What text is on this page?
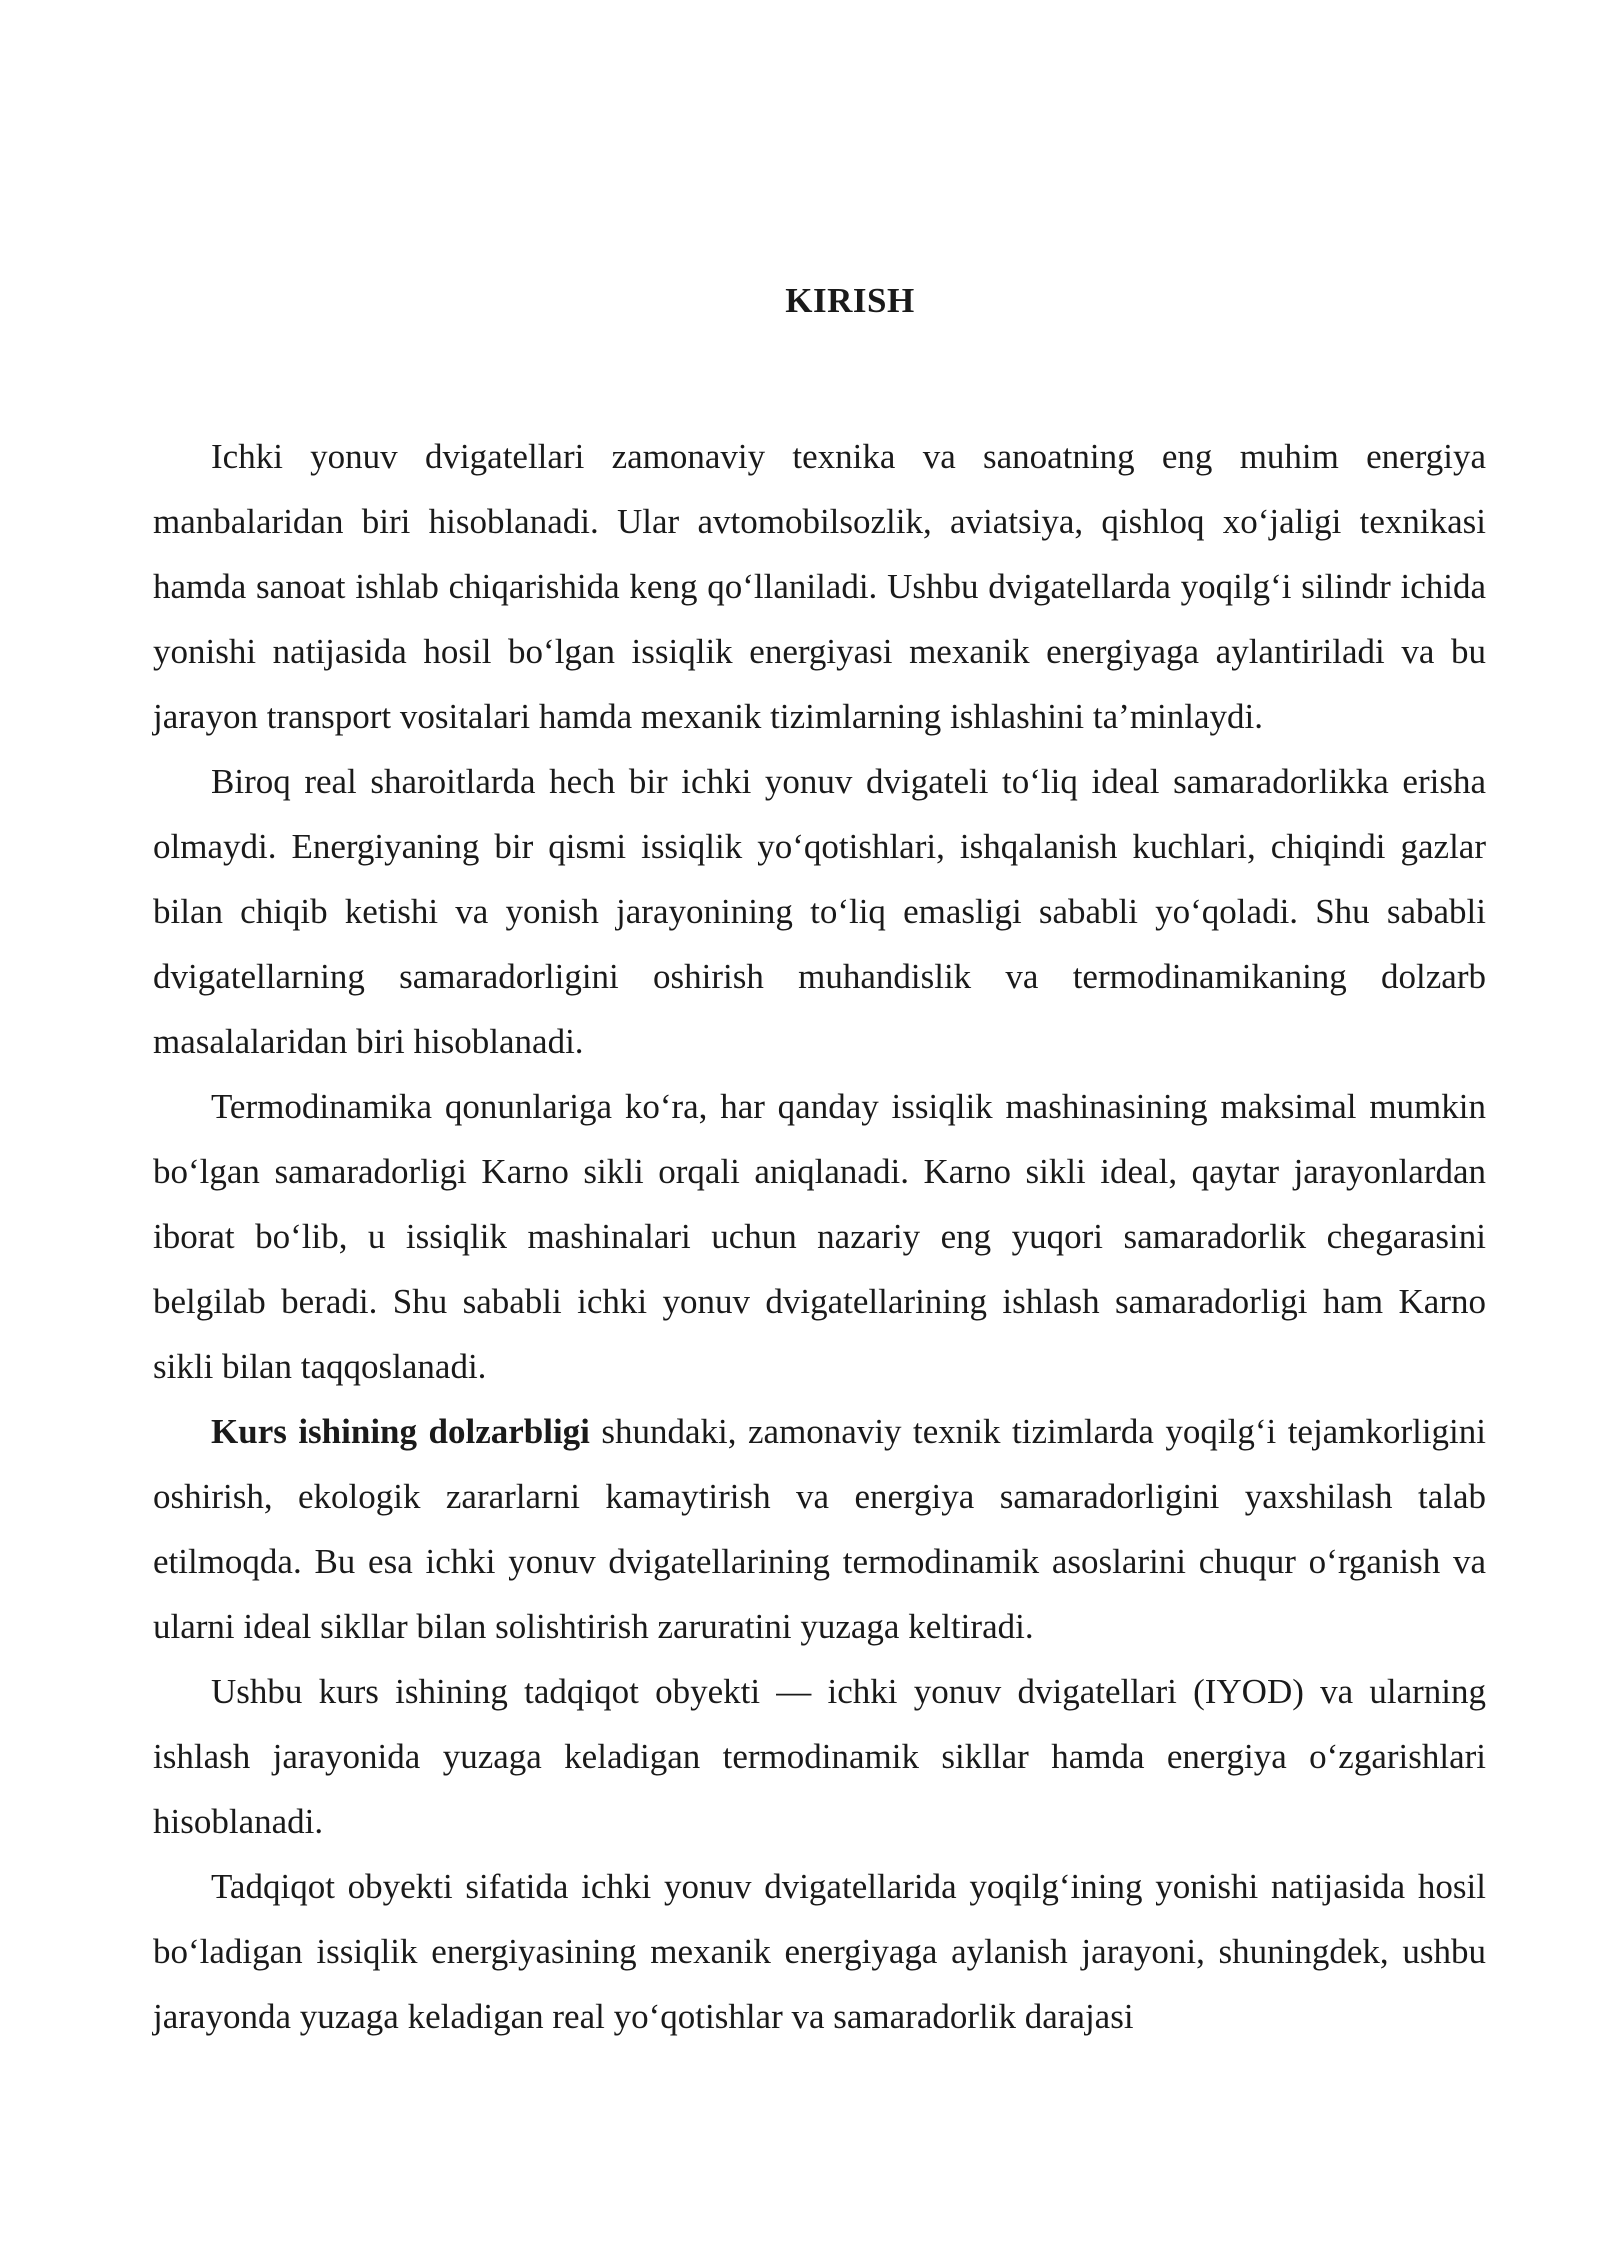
KIRISH

Ichki yonuv dvigatellari zamonaviy texnika va sanoatning eng muhim energiya manbalaridan biri hisoblanadi. Ular avtomobilsozlik, aviatsiya, qishloq xo‘jaligi texnikasi hamda sanoat ishlab chiqarishida keng qo‘llaniladi. Ushbu dvigatellarda yoqilg‘i silindr ichida yonishi natijasida hosil bo‘lgan issiqlik energiyasi mexanik energiyaga aylantiriladi va bu jarayon transport vositalari hamda mexanik tizimlarning ishlashini ta’minlaydi.

Biroq real sharoitlarda hech bir ichki yonuv dvigateli to‘liq ideal samaradorlikka erisha olmaydi. Energiyaning bir qismi issiqlik yo‘qotishlari, ishqalanish kuchlari, chiqindi gazlar bilan chiqib ketishi va yonish jarayonining to‘liq emasligi sababli yo‘qoladi. Shu sababli dvigatellarning samaradorligini oshirish muhandislik va termodinamikaning dolzarb masalalaridan biri hisoblanadi.

Termodinamika qonunlariga ko‘ra, har qanday issiqlik mashinasining maksimal mumkin bo‘lgan samaradorligi Karno sikli orqali aniqlanadi. Karno sikli ideal, qaytar jarayonlardan iborat bo‘lib, u issiqlik mashinalari uchun nazariy eng yuqori samaradorlik chegarasini belgilab beradi. Shu sababli ichki yonuv dvigatellarining ishlash samaradorligi ham Karno sikli bilan taqqoslanadi.

Kurs ishining dolzarbligi shundaki, zamonaviy texnik tizimlarda yoqilg‘i tejamkorligini oshirish, ekologik zararlarni kamaytirish va energiya samaradorligini yaxshilash talab etilmoqda. Bu esa ichki yonuv dvigatellarining termodinamik asoslarini chuqur o‘rganish va ularni ideal sikllar bilan solishtirish zaruratini yuzaga keltiradi.

Ushbu kurs ishining tadqiqot obyekti — ichki yonuv dvigatellari (IYOD) va ularning ishlash jarayonida yuzaga keladigan termodinamik sikllar hamda energiya o‘zgarishlari hisoblanadi.

Tadqiqot obyekti sifatida ichki yonuv dvigatellarida yoqilg‘ining yonishi natijasida hosil bo‘ladigan issiqlik energiyasining mexanik energiyaga aylanish jarayoni, shuningdek, ushbu jarayonda yuzaga keladigan real yo‘qotishlar va samaradorlik darajasi
